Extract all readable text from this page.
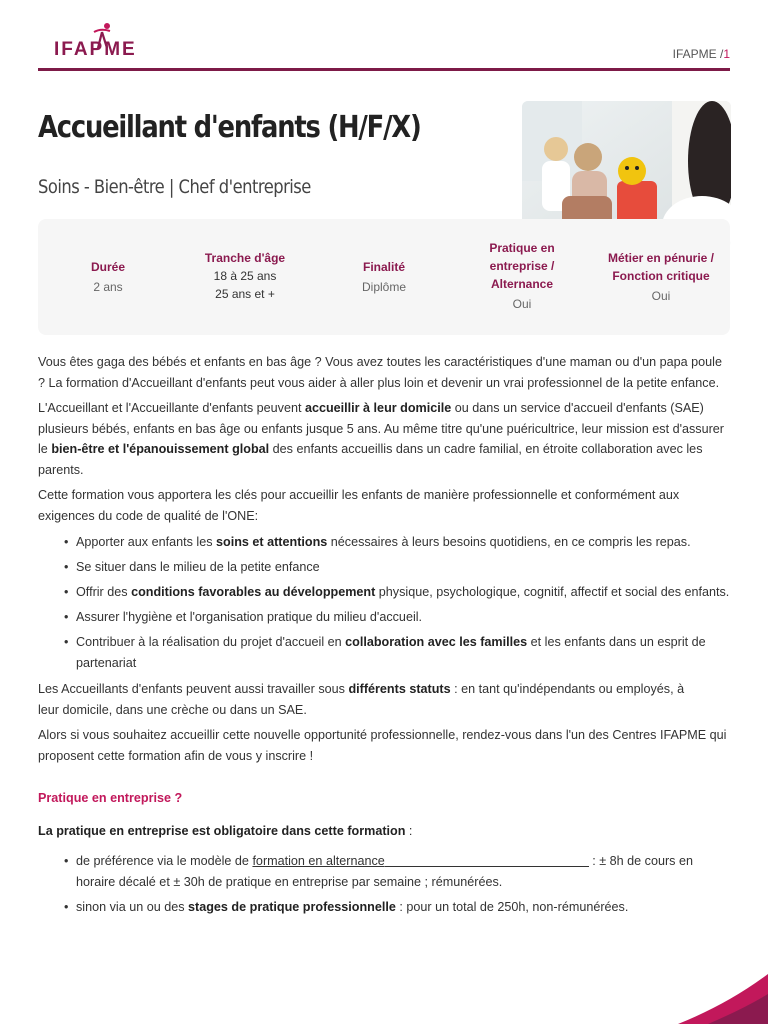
IFAPME	IFAPME /1
Accueillant d'enfants (H/F/X)
Soins - Bien-être | Chef d'entreprise
Durée
2 ans
Tranche d'âge
18 à 25 ans
25 ans et +
Finalité
Diplôme
Pratique en
entreprise /
Alternance
Oui
Métier en pénurie /
Fonction critique
Oui

Vous êtes gaga des bébés et enfants en bas âge ? Vous avez toutes les caractéristiques d'une maman ou d'un papa poule ? La formation d'Accueillant d'enfants peut vous aider à aller plus loin et devenir un vrai professionnel de la petite enfance.

L'Accueillant et l'Accueillante d'enfants peuvent accueillir à leur domicile ou dans un service d'accueil d'enfants (SAE) plusieurs bébés, enfants en bas âge ou enfants jusque 5 ans. Au même titre qu'une puéricultrice, leur mission est d'assurer le bien-être et l'épanouissement global des enfants accueillis dans un cadre familial, en étroite collaboration avec les parents.

Cette formation vous apportera les clés pour accueillir les enfants de manière professionnelle et conformément aux exigences du code de qualité de l'ONE:

• Apporter aux enfants les soins et attentions nécessaires à leurs besoins quotidiens, en ce compris les repas.
• Se situer dans le milieu de la petite enfance
• Offrir des conditions favorables au développement physique, psychologique, cognitif, affectif et social des enfants.
• Assurer l'hygiène et l'organisation pratique du milieu d'accueil.
• Contribuer à la réalisation du projet d'accueil en collaboration avec les familles et les enfants dans un esprit de partenariat

Les Accueillants d'enfants peuvent aussi travailler sous différents statuts : en tant qu'indépendants ou employés, à
leur domicile, dans une crèche ou dans un SAE.

Alors si vous souhaitez accueillir cette nouvelle opportunité professionnelle, rendez-vous dans l'un des Centres IFAPME qui proposent cette formation afin de vous y inscrire !

Pratique en entreprise ?

La pratique en entreprise est obligatoire dans cette formation :

• de préférence via le modèle de formation en alternance	: ± 8h de cours en horaire décalé et ± 30h de pratique en entreprise par semaine ; rémunérées.
• sinon via un ou des stages de pratique professionnelle : pour un total de 250h, non-rémunérées.
